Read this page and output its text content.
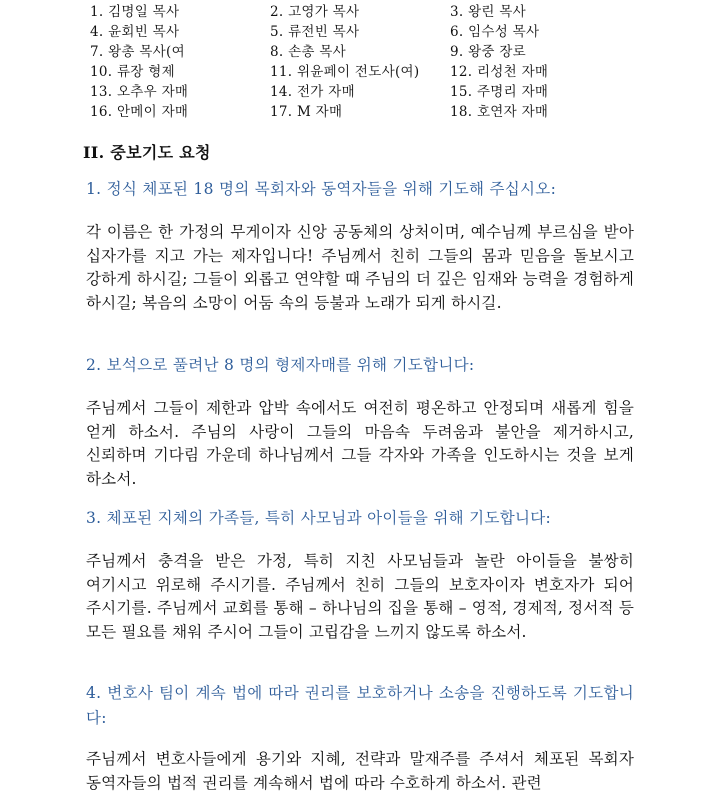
1. 김명일 목사	2. 고영가 목사	3. 왕린 목사
4. 윤회빈 목사	5. 류전빈 목사	6. 임수성 목사
7. 왕총 목사(여	8. 손총 목사	9. 왕중 장로
10. 류장 형제	11. 위윤페이 전도사(여)	12. 리성천 자매
13. 오추우 자매	14. 전가 자매	15. 주명리 자매
16. 안메이 자매	17. M 자매	18. 호연자 자매
II. 중보기도 요청
1. 정식 체포된 18 명의 목회자와 동역자들을 위해 기도해 주십시오:
각 이름은 한 가정의 무게이자 신앙 공동체의 상처이며, 예수님께 부르심을 받아 십자가를 지고 가는 제자입니다! 주님께서 친히 그들의 몸과 믿음을 돌보시고 강하게 하시길; 그들이 외롭고 연약할 때 주님의 더 깊은 임재와 능력을 경험하게 하시길; 복음의 소망이 어둠 속의 등불과 노래가 되게 하시길.
2. 보석으로 풀려난 8 명의 형제자매를 위해 기도합니다:
주님께서 그들이 제한과 압박 속에서도 여전히 평온하고 안정되며 새롭게 힘을 얻게 하소서. 주님의 사랑이 그들의 마음속 두려움과 불안을 제거하시고, 신뢰하며 기다림 가운데 하나님께서 그들 각자와 가족을 인도하시는 것을 보게 하소서.
3. 체포된 지체의 가족들, 특히 사모님과 아이들을 위해 기도합니다:
주님께서 충격을 받은 가정, 특히 지친 사모님들과 놀란 아이들을 불쌍히 여기시고 위로해 주시기를. 주님께서 친히 그들의 보호자이자 변호자가 되어 주시기를. 주님께서 교회를 통해 – 하나님의 집을 통해 – 영적, 경제적, 정서적 등 모든 필요를 채워 주시어 그들이 고립감을 느끼지 않도록 하소서.
4. 변호사 팀이 계속 법에 따라 권리를 보호하거나 소송을 진행하도록 기도합니다:
주님께서 변호사들에게 용기와 지혜, 전략과 말재주를 주셔서 체포된 목회자 동역자들의 법적 권리를 계속해서 법에 따라 수호하게 하소서. 관련
